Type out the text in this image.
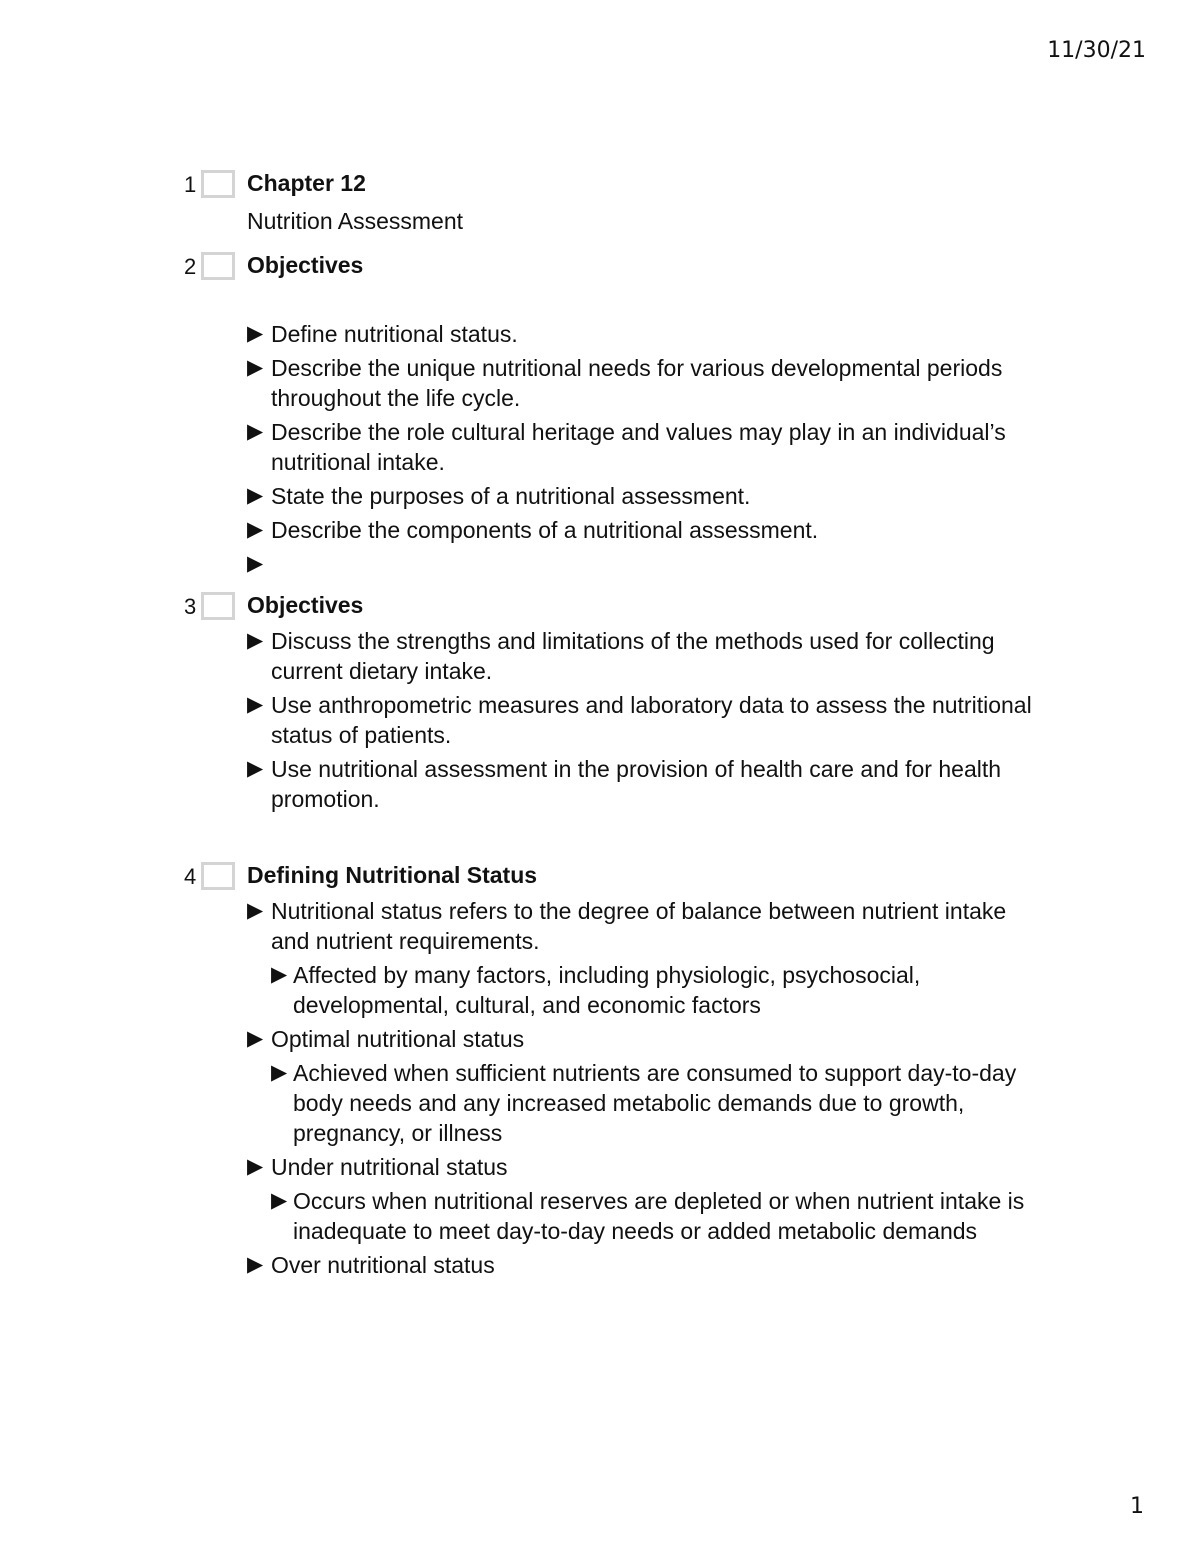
11/30/21
1 Chapter 12
Nutrition Assessment
2 Objectives
▶ Define nutritional status.
▶ Describe the unique nutritional needs for various developmental periods throughout the life cycle.
▶ Describe the role cultural heritage and values may play in an individual’s nutritional intake.
▶ State the purposes of a nutritional assessment.
▶ Describe the components of a nutritional assessment.
▶

3 Objectives
▶ Discuss the strengths and limitations of the methods used for collecting current dietary intake.
▶ Use anthropometric measures and laboratory data to assess the nutritional status of patients.
▶ Use nutritional assessment in the provision of health care and for health promotion.
4 Defining Nutritional Status
▶ Nutritional status refers to the degree of balance between nutrient intake and nutrient requirements.
▶ Affected by many factors, including physiologic, psychosocial, developmental, cultural, and economic factors
▶ Optimal nutritional status
▶ Achieved when sufficient nutrients are consumed to support day-to-day body needs and any increased metabolic demands due to growth, pregnancy, or illness
▶ Under nutritional status
▶ Occurs when nutritional reserves are depleted or when nutrient intake is inadequate to meet day-to-day needs or added metabolic demands
▶ Over nutritional status
1
